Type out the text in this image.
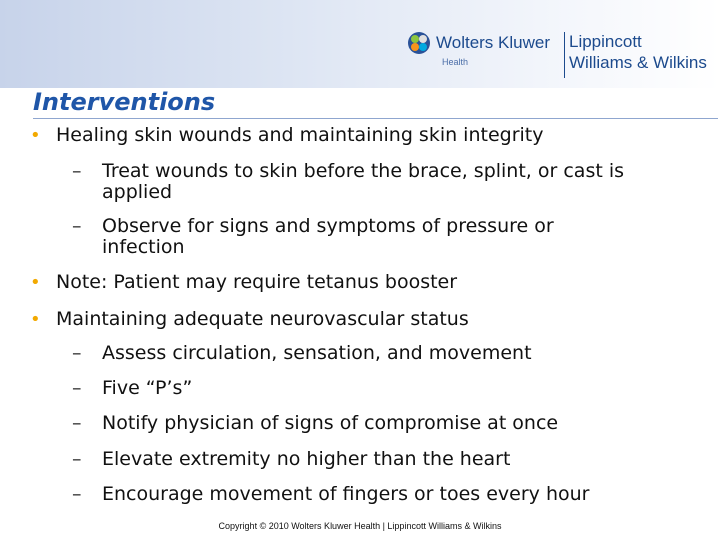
Wolters Kluwer
Health
Lippincott
Williams & Wilkins
Interventions
• Healing skin wounds and maintaining skin integrity
– Treat wounds to skin before the brace, splint, or cast is applied
– Observe for signs and symptoms of pressure or infection
• Note: Patient may require tetanus booster
• Maintaining adequate neurovascular status
– Assess circulation, sensation, and movement
– Five “P’s”
– Notify physician of signs of compromise at once
– Elevate extremity no higher than the heart
– Encourage movement of fingers or toes every hour
Copyright © 2010 Wolters Kluwer Health | Lippincott Williams & Wilkins
